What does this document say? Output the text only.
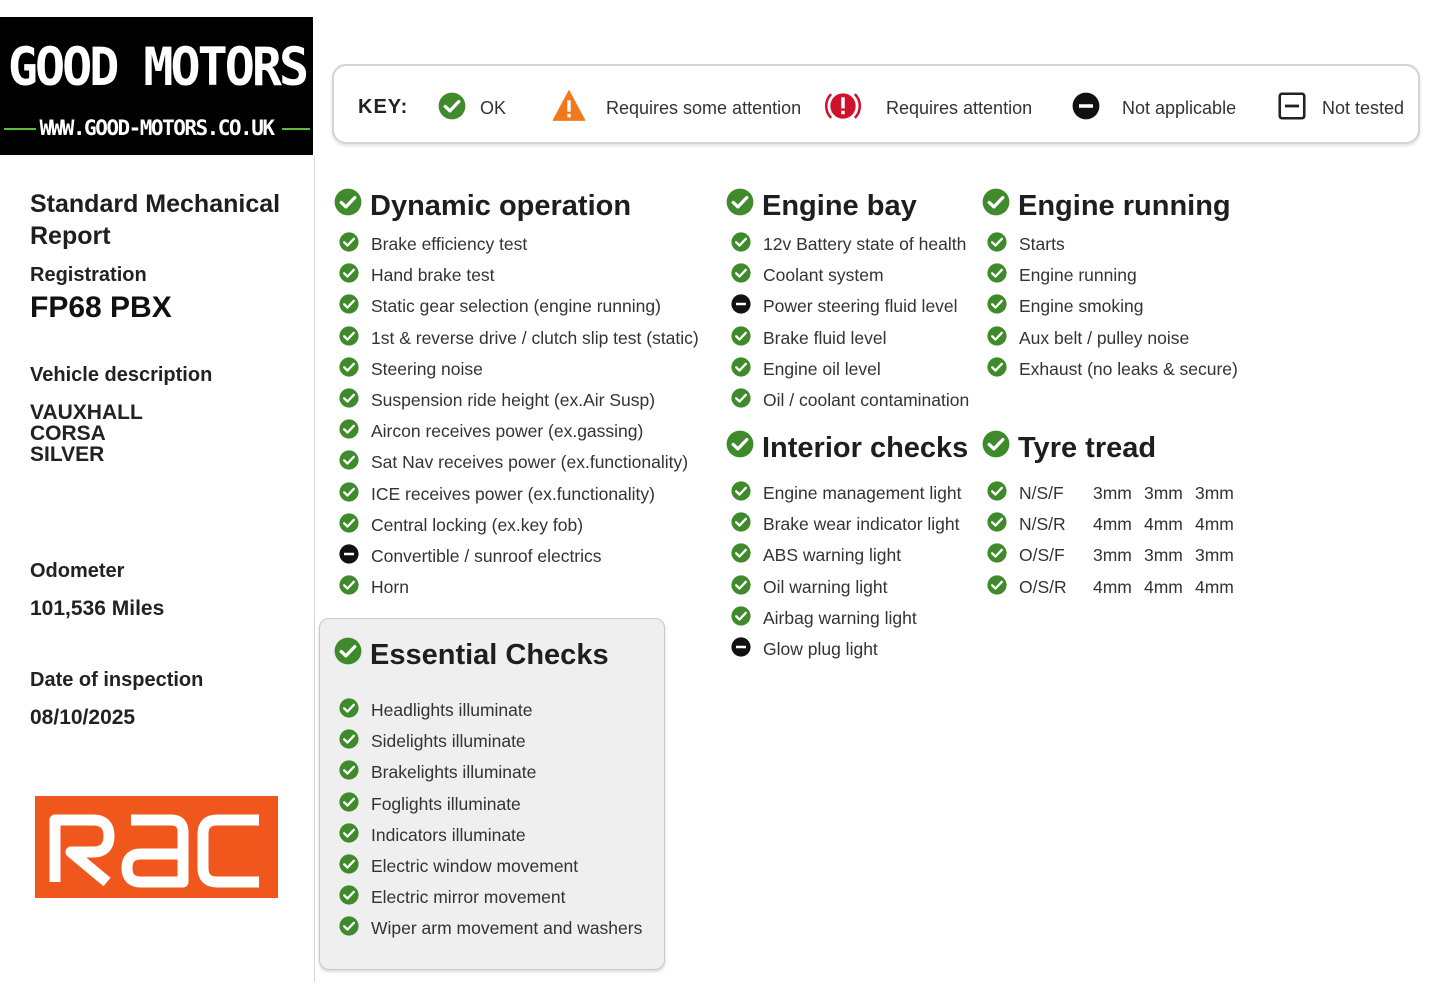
GOOD MOTORS
WWW.GOOD-MOTORS.CO.UK
Standard Mechanical Report
Registration
FP68 PBX
Vehicle description
VAUXHALL
CORSA
SILVER
Odometer
101,536 Miles
Date of inspection
08/10/2025
RAC
KEY:	OK	Requires some attention	Requires attention	Not applicable	Not tested
Dynamic operation
Essential Checks
Engine bay
Interior checks
Engine running
Tyre tread
Brake efficiency test
Hand brake test
Static gear selection (engine running)
1st & reverse drive / clutch slip test (static)
Steering noise
Suspension ride height (ex.Air Susp)
Aircon receives power (ex.gassing)
Sat Nav receives power (ex.functionality)
ICE receives power (ex.functionality)
Central locking (ex.key fob)
Convertible / sunroof electrics
Horn
Headlights illuminate
Sidelights illuminate
Brakelights illuminate
Foglights illuminate
Indicators illuminate
Electric window movement
Electric mirror movement
Wiper arm movement and washers
12v Battery state of health
Coolant system
Power steering fluid level
Brake fluid level
Engine oil level
Oil / coolant contamination
Engine management light
Brake wear indicator light
ABS warning light
Oil warning light
Airbag warning light
Glow plug light
Starts
Engine running
Engine smoking
Aux belt / pulley noise
Exhaust (no leaks & secure)
N/S/F	3mm 3mm 3mm
N/S/R	4mm 4mm 4mm
O/S/F	3mm 3mm 3mm
O/S/R	4mm 4mm 4mm
